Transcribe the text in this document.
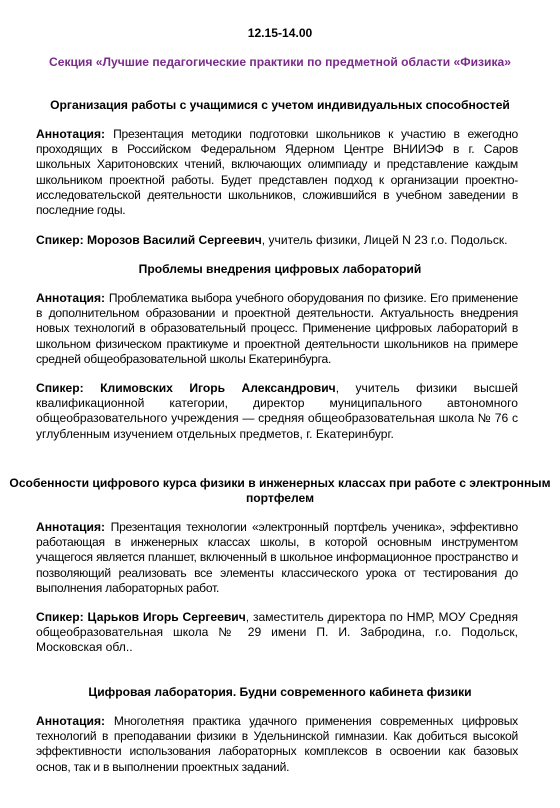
12.15-14.00
Секция «Лучшие педагогические практики по предметной области «Физика»
Организация работы с учащимися с учетом индивидуальных способностей
Аннотация: Презентация методики подготовки школьников к участию в ежегодно проходящих в Российском Федеральном Ядерном Центре ВНИИЭФ в г. Саров школьных Харитоновских чтений, включающих олимпиаду и представление каждым школьником проектной работы. Будет представлен подход к организации проектно-исследовательской деятельности школьников, сложившийся в учебном заведении в последние годы.
Спикер: Морозов Василий Сергеевич, учитель физики, Лицей N 23 г.о. Подольск.
Проблемы внедрения цифровых лабораторий
Аннотация: Проблематика выбора учебного оборудования по физике. Его применение в дополнительном образовании и проектной деятельности. Актуальность внедрения новых технологий в образовательный процесс. Применение цифровых лабораторий в школьном физическом практикуме и проектной деятельности школьников на примере средней общеобразовательной школы Екатеринбурга.
Спикер: Климовских Игорь Александрович, учитель физики высшей квалификационной категории, директор муниципального автономного общеобразовательного учреждения — средняя общеобразовательная школа № 76 с углубленным изучением отдельных предметов, г. Екатеринбург.
Особенности цифрового курса физики в инженерных классах при работе с электронным портфелем
Аннотация: Презентация технологии «электронный портфель ученика», эффективно работающая в инженерных классах школы, в которой основным инструментом учащегося является планшет, включенный в школьное информационное пространство и позволяющий реализовать все элементы классического урока от тестирования до выполнения лабораторных работ.
Спикер: Царьков Игорь Сергеевич, заместитель директора по НМР, МОУ Средняя общеобразовательная школа № 29 имени П. И. Забродина, г.о. Подольск, Московская обл..
Цифровая лаборатория. Будни современного кабинета физики
Аннотация: Многолетняя практика удачного применения современных цифровых технологий в преподавании физики в Удельнинской гимназии. Как добиться высокой эффективности использования лабораторных комплексов в освоении как базовых основ, так и в выполнении проектных заданий.
